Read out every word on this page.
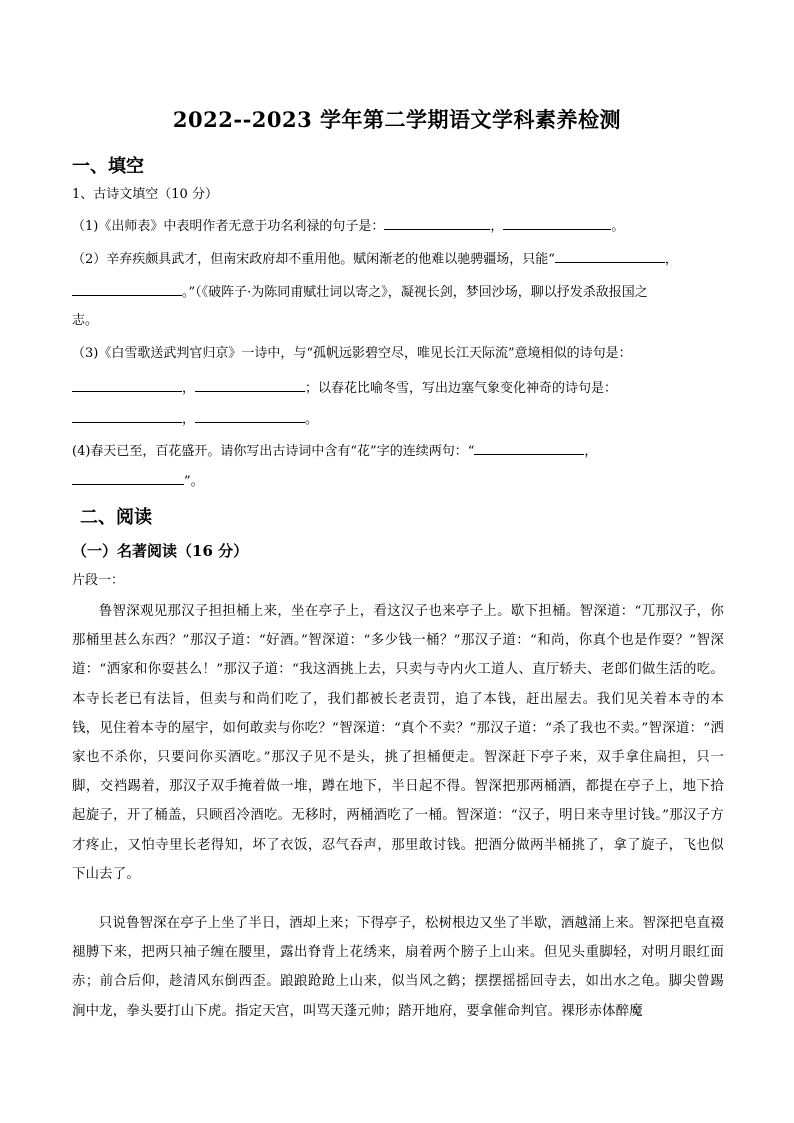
2022--2023 学年第二学期语文学科素养检测
一、填空
1、古诗文填空（10 分）
（1)《出师表》中表明作者无意于功名利禄的句子是：	，	。
（2）辛弃疾颇具武才，但南宋政府却不重用他。赋闲渐老的他难以驰骋疆场，只能“	，
。”（《破阵子·为陈同甫赋壮词以寄之》，凝视长剑，梦回沙场，聊以抒发杀敌报国之
志。
（3)《白雪歌送武判官归京》一诗中，与“孤帆远影碧空尽，唯见长江天际流”意境相似的诗句是：
，	；以春花比喻冬雪，写出边塞气象变化神奇的诗句是：
，	。
(4)春天已至，百花盛开。请你写出古诗词中含有“花”字的连续两句：“	，
”。
二、阅读
（一）名著阅读（16 分）
片段一：
鲁智深观见那汉子担担桶上来，坐在亭子上，看这汉子也来亭子上。歇下担桶。智深道：“兀那汉子，你那桶里甚么东西？”那汉子道：“好酒。”智深道：“多少钱一桶？”那汉子道：“和尚，你真个也是作耍？”智深道：“洒家和你耍甚么！”那汉子道：“我这酒挑上去，只卖与寺内火工道人、直厅轿夫、老郎们做生活的吃。本寺长老已有法旨，但卖与和尚们吃了，我们都被长老责罚，追了本钱，赶出屋去。我们见关着本寺的本钱，见住着本寺的屋宇，如何敢卖与你吃？”智深道：“真个不卖？”那汉子道：“杀了我也不卖。”智深道：“洒家也不杀你，只要问你买酒吃。”那汉子见不是头，挑了担桶便走。智深赶下亭子来，双手拿住扁担，只一脚，交裆踢着，那汉子双手掩着做一堆，蹲在地下，半日起不得。智深把那两桶酒，都提在亭子上，地下拾起旋子，开了桶盖，只顾舀冷酒吃。无移时，两桶酒吃了一桶。智深道：“汉子，明日来寺里讨钱。”那汉子方才疼止，又怕寺里长老得知，坏了衣饭，忍气吞声，那里敢讨钱。把酒分做两半桶挑了，拿了旋子，飞也似下山去了。
只说鲁智深在亭子上坐了半日，酒却上来；下得亭子，松树根边又坐了半歇，酒越涌上来。智深把皂直裰褪膊下来，把两只袖子缠在腰里，露出脊背上花绣来，扇着两个膀子上山来。但见头重脚轻，对明月眼红面赤；前合后仰，趁清风东倒西歪。踉踉跄跄上山来，似当风之鹤；摆摆摇摇回寺去，如出水之龟。脚尖曾踢涧中龙，拳头要打山下虎。指定天宫，叫骂天蓬元帅；踏开地府，要拿催命判官。裸形赤体醉魔
